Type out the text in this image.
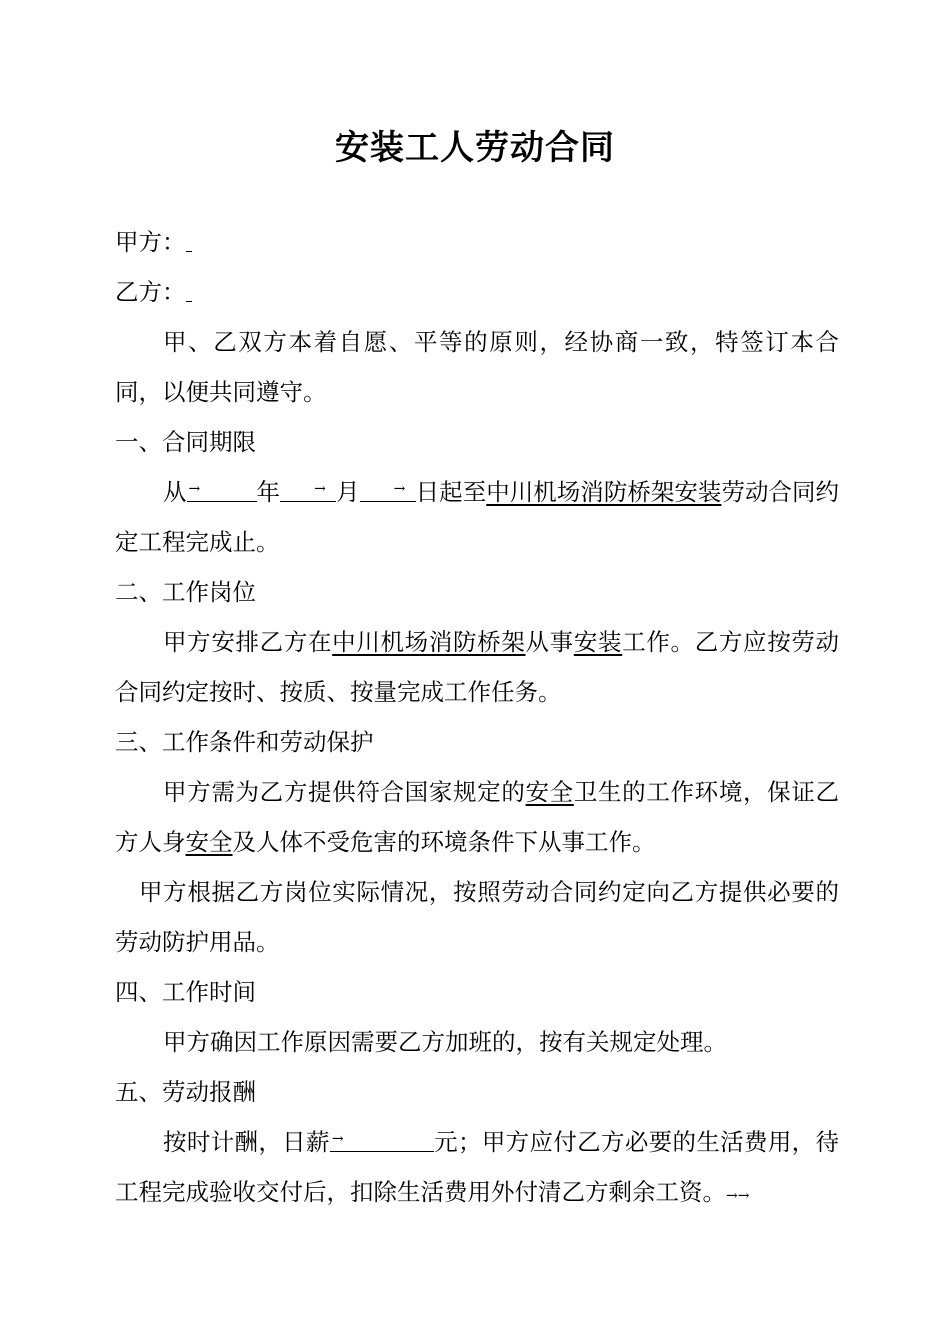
安装工人劳动合同

甲方：

乙方：

甲、乙双方本着自愿、平等的原则，经协商一致，特签订本合同，以便共同遵守。

一、合同期限

从 → 年 → 月 → 日起至中川机场消防桥架安装劳动合同约定工程完成止。

二、工作岗位

甲方安排乙方在中川机场消防桥架从事安装工作。乙方应按劳动合同约定按时、按质、按量完成工作任务。

三、工作条件和劳动保护

甲方需为乙方提供符合国家规定的安全卫生的工作环境，保证乙方人身安全及人体不受危害的环境条件下从事工作。

甲方根据乙方岗位实际情况，按照劳动合同约定向乙方提供必要的劳动防护用品。

四、工作时间

甲方确因工作原因需要乙方加班的，按有关规定处理。

五、劳动报酬

按时计酬，日薪 →	元；甲方应付乙方必要的生活费用，待工程完成验收交付后，扣除生活费用外付清乙方剩余工资。→→
